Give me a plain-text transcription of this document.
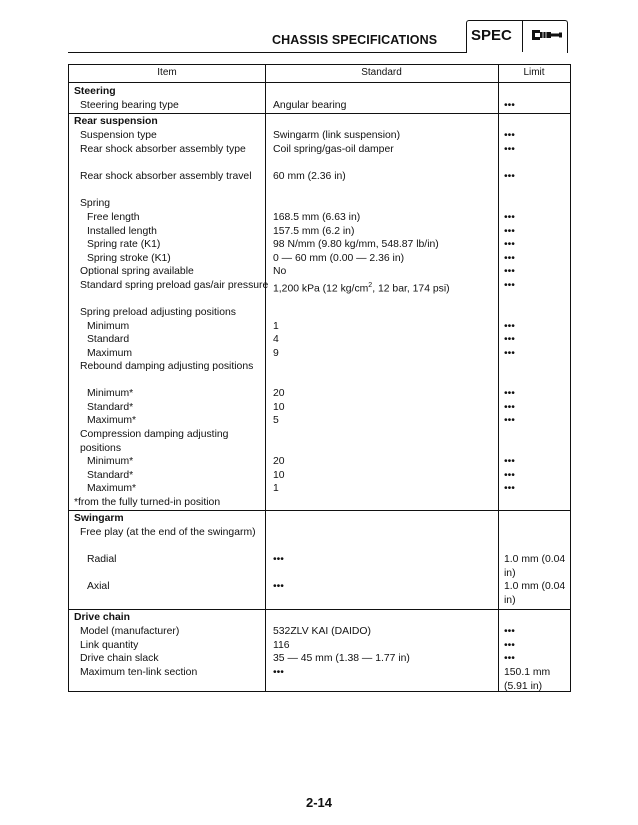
CHASSIS SPECIFICATIONS SPEC
Item	Standard	Limit
Steering
Steering bearing type	Angular bearing	•••
Rear suspension
Suspension type	Swingarm (link suspension)	•••
Rear shock absorber assembly type	Coil spring/gas-oil damper	•••
Rear shock absorber assembly travel	60 mm (2.36 in)	•••
Spring
Free length	168.5 mm (6.63 in)	•••
Installed length	157.5 mm (6.2 in)	•••
Spring rate (K1)	98 N/mm (9.80 kg/mm, 548.87 lb/in)	•••
Spring stroke (K1)	0 — 60 mm (0.00 — 2.36 in)	•••
Optional spring available	No	•••
Standard spring preload gas/air pressure 1,200 kPa (12 $kg/cm^2$, 12 bar, 174 psi)	•••
Spring preload adjusting positions
Minimum	1	•••
Standard	4	•••
Maximum	9	•••
Rebound damping adjusting positions
Minimum*	20	•••
Standard*	10	•••
Maximum*	5	•••
Compression damping adjusting positions
Minimum*	20	•••
Standard*	10	•••
Maximum*	1	•••
*from the fully turned-in position
Swingarm
Free play (at the end of the swingarm)
Radial	•••	1.0 mm (0.04 in)
Axial	•••	1.0 mm (0.04 in)
Drive chain
Model (manufacturer)	532ZLV KAI (DAIDO)	•••
Link quantity	116	•••
Drive chain slack	35 — 45 mm (1.38 — 1.77 in)	•••
Maximum ten-link section	•••	150.1 mm (5.91 in)
2-14
